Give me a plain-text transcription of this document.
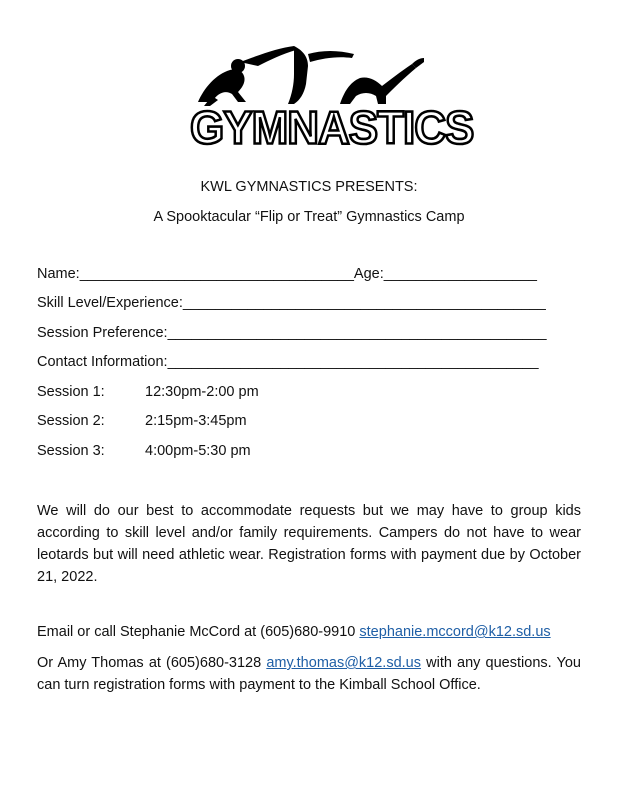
GYMNASTICS
KWL GYMNASTICS PRESENTS:
A Spooktacular “Flip or Treat” Gymnastics Camp
Name:__________________________________Age:___________________
Skill Level/Experience:_____________________________________________
Session Preference:_______________________________________________
Contact Information:______________________________________________
Session 1:	12:30pm-2:00 pm
Session 2:	2:15pm-3:45pm
Session 3:	4:00pm-5:30 pm
We will do our best to accommodate requests but we may have to group kids according to skill level and/or family requirements. Campers do not have to wear leotards but will need athletic wear. Registration forms with payment due by October 21, 2022.
Email or call Stephanie McCord at (605)680-9910 stephanie.mccord@k12.sd.us
Or Amy Thomas at (605)680-3128 amy.thomas@k12.sd.us with any questions. You can turn registration forms with payment to the Kimball School Office.
